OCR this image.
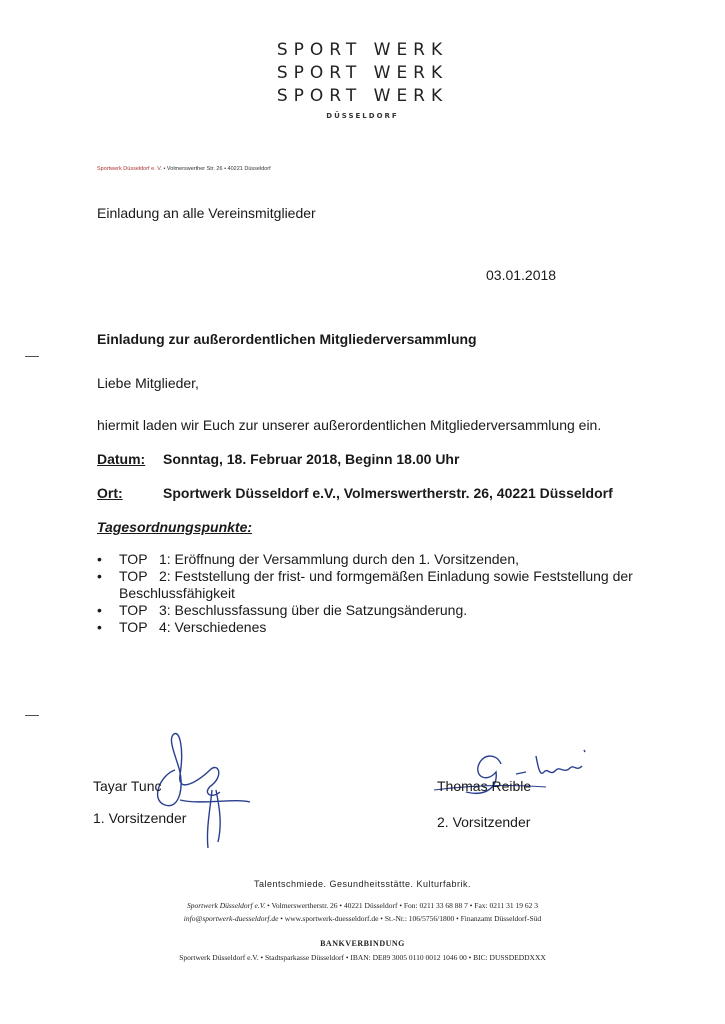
SPORT WERK
SPORT WERK
SPORT WERK
DÜSSELDORF
Sportwerk Düsseldorf e. V. • Volmerswerther Str. 26 • 40221 Düsseldorf
Einladung an alle Vereinsmitglieder
03.01.2018
Einladung zur außerordentlichen Mitgliederversammlung
Liebe Mitglieder,
hiermit laden wir Euch zur unserer außerordentlichen Mitgliederversammlung ein.
Datum: Sonntag, 18. Februar 2018, Beginn 18.00 Uhr
Ort:	Sportwerk Düsseldorf e.V., Volmerswertherstr. 26, 40221 Düsseldorf
Tagesordnungspunkte:
• TOP   1: Eröffnung der Versammlung durch den 1. Vorsitzenden,
• TOP   2: Feststellung der frist- und formgemäßen Einladung sowie Feststellung der Beschlussfähigkeit
• TOP   3: Beschlussfassung über die Satzungsänderung.
• TOP   4: Verschiedenes
Tayar Tunc
1. Vorsitzender
Thomas Reible
2. Vorsitzender
Talentschmiede. Gesundheitsstätte. Kulturfabrik.
Sportwerk Düsseldorf e.V. • Volmerswertherstr. 26 • 40221 Düsseldorf • Fon: 0211 33 68 88 7 • Fax: 0211 31 19 62 3
info@sportwerk-duesseldorf.de • www.sportwerk-duesseldorf.de • St.-Nr.: 106/5756/1800 • Finanzamt Düsseldorf-Süd
BANKVERBINDUNG
Sportwerk Düsseldorf e.V. • Stadtsparkasse Düsseldorf • IBAN: DE89 3005 0110 0012 1046 00 • BIC: DUSSDEDDXXX
